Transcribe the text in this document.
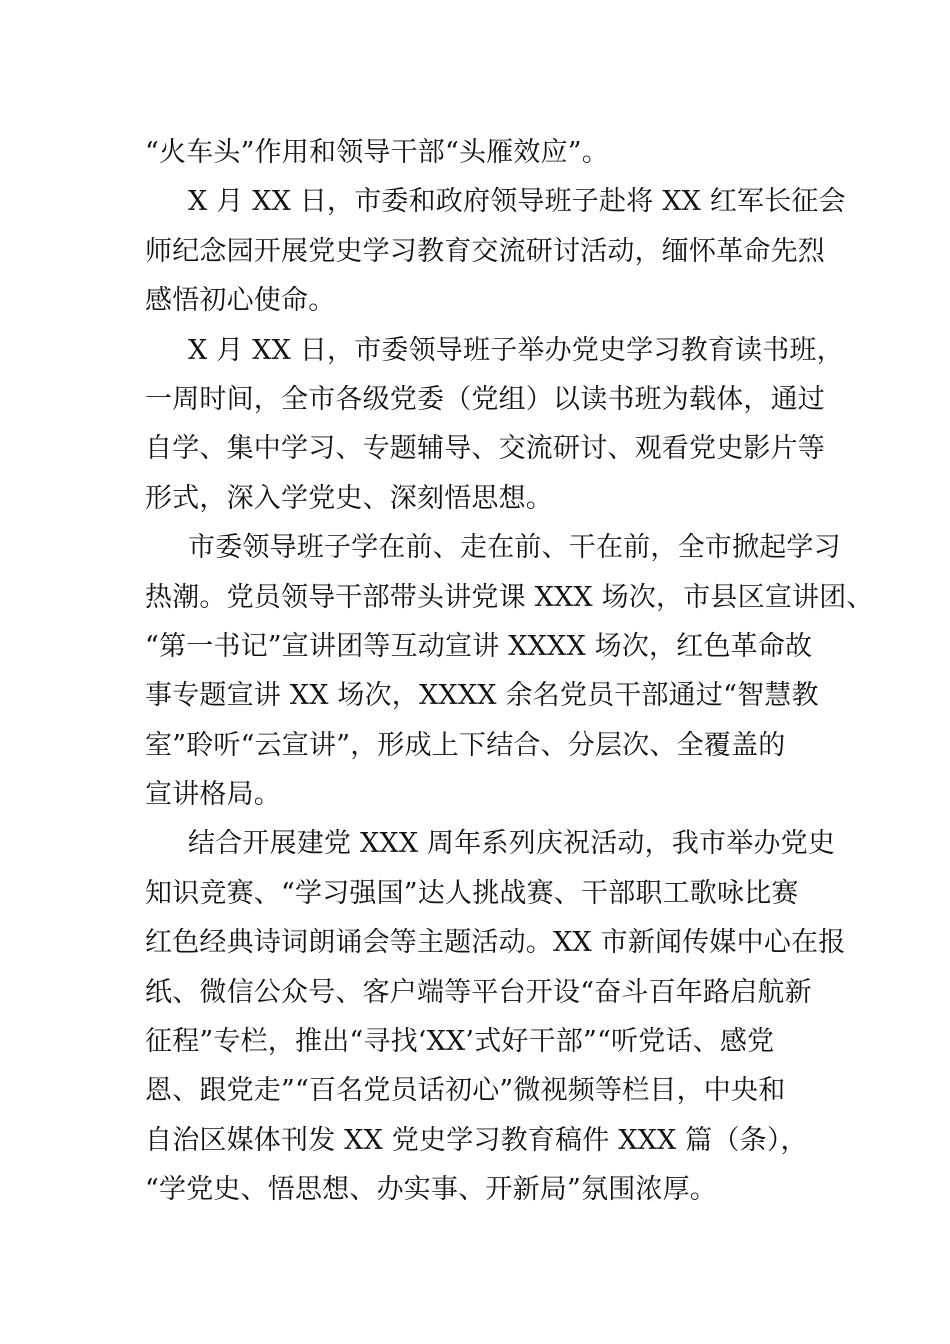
“火车头”作用和领导干部“头雁效应”。
X 月 XX 日，市委和政府领导班子赴将 XX 红军长征会
师纪念园开展党史学习教育交流研讨活动，缅怀革命先烈
感悟初心使命。
X 月 XX 日，市委领导班子举办党史学习教育读书班，
一周时间，全市各级党委（党组）以读书班为载体，通过
自学、集中学习、专题辅导、交流研讨、观看党史影片等
形式，深入学党史、深刻悟思想。
市委领导班子学在前、走在前、干在前，全市掀起学习
热潮。党员领导干部带头讲党课 XXX 场次，市县区宣讲团、
“第一书记”宣讲团等互动宣讲 XXXX 场次，红色革命故
事专题宣讲 XX 场次，XXXX 余名党员干部通过“智慧教
室”聆听“云宣讲”，形成上下结合、分层次、全覆盖的
宣讲格局。
结合开展建党 XXX 周年系列庆祝活动，我市举办党史
知识竞赛、“学习强国”达人挑战赛、干部职工歌咏比赛
红色经典诗词朗诵会等主题活动。XX 市新闻传媒中心在报
纸、微信公众号、客户端等平台开设“奋斗百年路启航新
征程”专栏，推出“寻找‘XX’式好干部”“听党话、感党
恩、跟党走”“百名党员话初心”微视频等栏目，中央和
自治区媒体刊发 XX 党史学习教育稿件 XXX 篇（条），
“学党史、悟思想、办实事、开新局”氛围浓厚。
